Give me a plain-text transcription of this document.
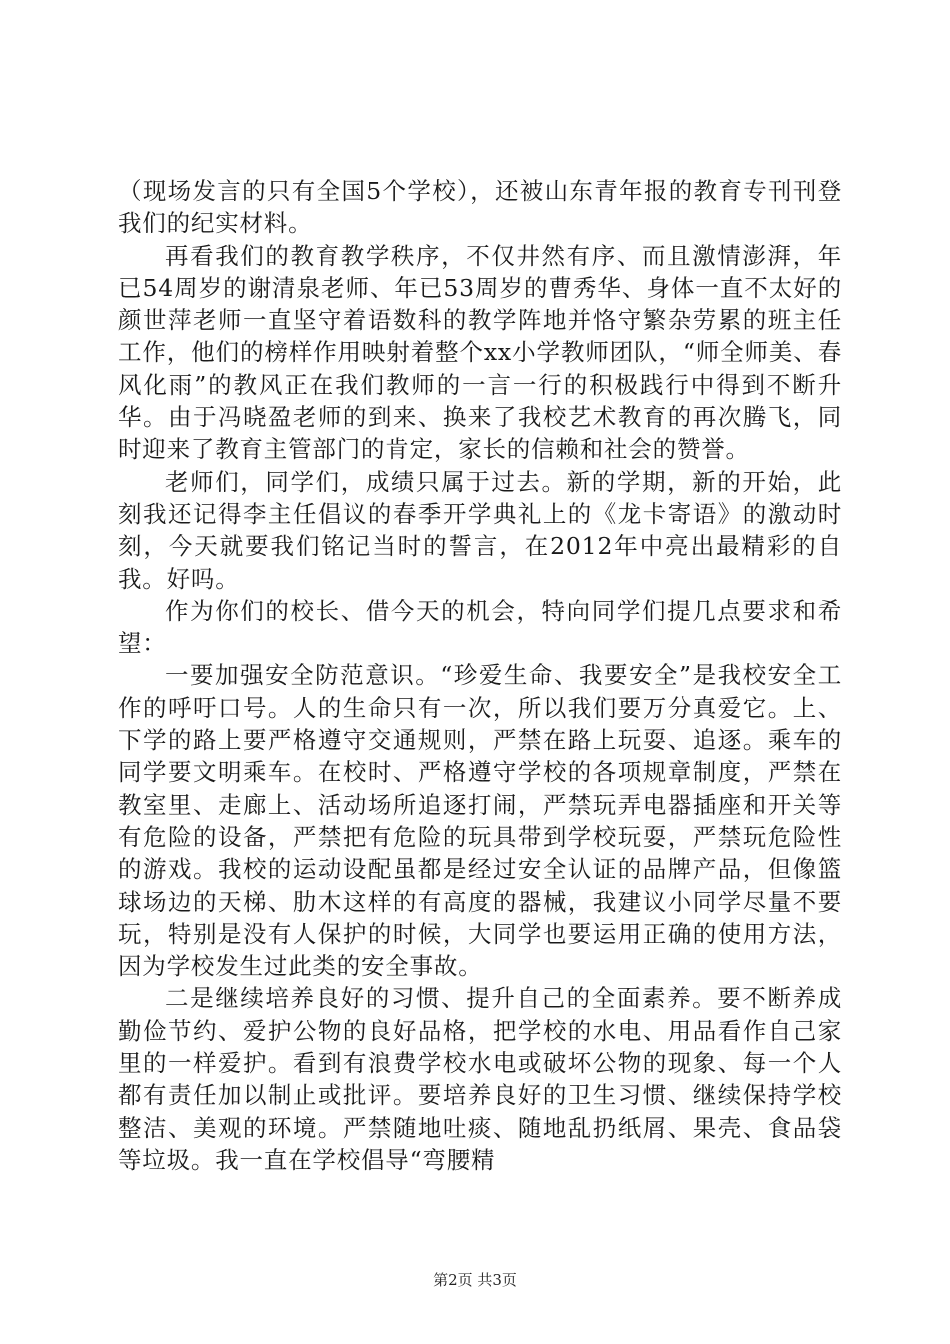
（现场发言的只有全国5个学校），还被山东青年报的教育专刊刊登我们的纪实材料。

再看我们的教育教学秩序，不仅井然有序、而且激情澎湃，年已54周岁的谢清泉老师、年已53周岁的曹秀华、身体一直不太好的颜世萍老师一直坚守着语数科的教学阵地并恪守繁杂劳累的班主任工作，他们的榜样作用映射着整个xx小学教师团队，“师全师美、春风化雨”的教风正在我们教师的一言一行的积极践行中得到不断升华。由于冯晓盈老师的到来、换来了我校艺术教育的再次腾飞，同时迎来了教育主管部门的肯定，家长的信赖和社会的赞誉。

老师们，同学们，成绩只属于过去。新的学期，新的开始，此刻我还记得李主任倡议的春季开学典礼上的《龙卡寄语》的激动时刻，今天就要我们铭记当时的誓言，在2012年中亮出最精彩的自我。好吗。

作为你们的校长、借今天的机会，特向同学们提几点要求和希望：

一要加强安全防范意识。“珍爱生命、我要安全”是我校安全工作的呼吁口号。人的生命只有一次，所以我们要万分真爱它。上、下学的路上要严格遵守交通规则，严禁在路上玩耍、追逐。乘车的同学要文明乘车。在校时、严格遵守学校的各项规章制度，严禁在教室里、走廊上、活动场所追逐打闹，严禁玩弄电器插座和开关等有危险的设备，严禁把有危险的玩具带到学校玩耍，严禁玩危险性的游戏。我校的运动设配虽都是经过安全认证的品牌产品，但像篮球场边的天梯、肋木这样的有高度的器械，我建议小同学尽量不要玩，特别是没有人保护的时候，大同学也要运用正确的使用方法，因为学校发生过此类的安全事故。

二是继续培养良好的习惯、提升自己的全面素养。要不断养成勤俭节约、爱护公物的良好品格，把学校的水电、用品看作自己家里的一样爱护。看到有浪费学校水电或破坏公物的现象、每一个人都有责任加以制止或批评。要培养良好的卫生习惯、继续保持学校整洁、美观的环境。严禁随地吐痰、随地乱扔纸屑、果壳、食品袋等垃圾。我一直在学校倡导“弯腰精

第2页 共3页
